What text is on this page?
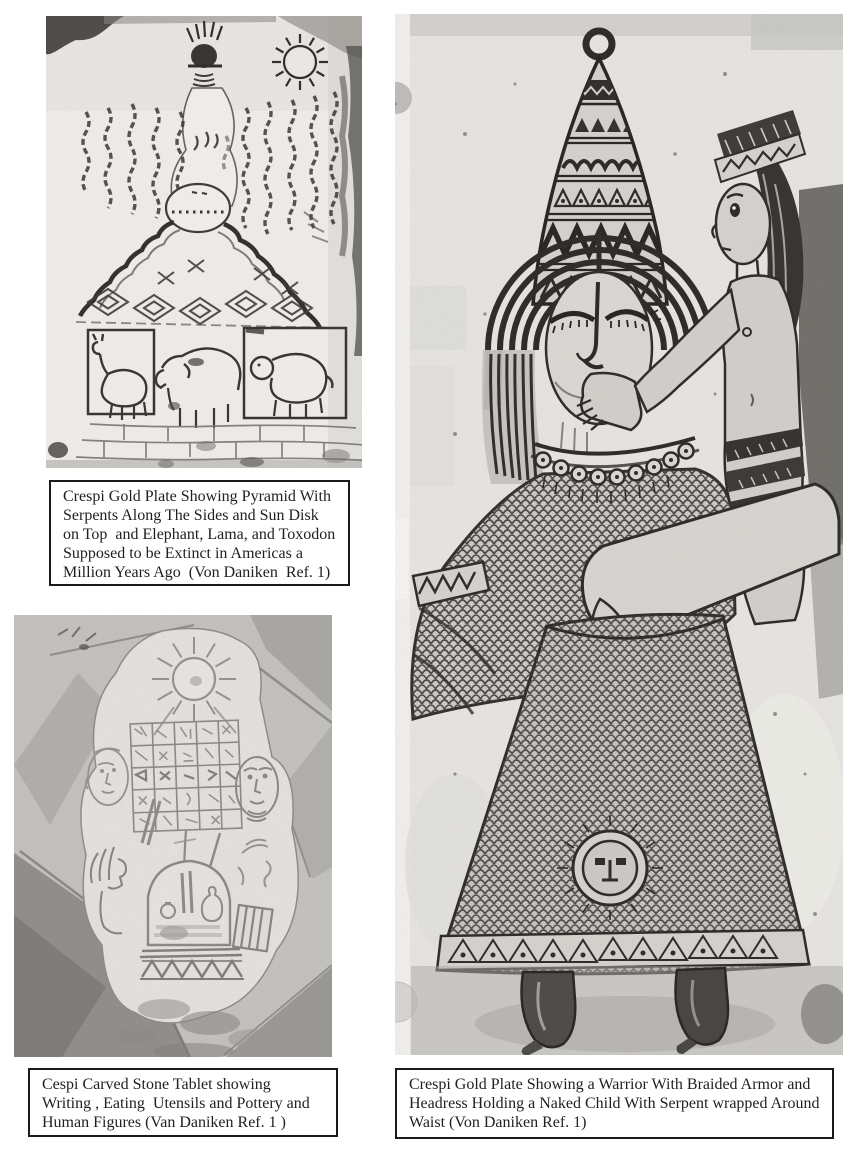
Crespi Gold Plate Showing Pyramid With
Serpents Along The Sides and Sun Disk
on Top  and Elephant, Lama, and Toxodon
Supposed to be Extinct in Americas a
Million Years Ago  (Von Daniken  Ref. 1)
Cespi Carved Stone Tablet showing
Writing , Eating  Utensils and Pottery and
Human Figures (Van Daniken Ref. 1 )
Crespi Gold Plate Showing a Warrior With Braided Armor and
Headress Holding a Naked Child With Serpent wrapped Around
Waist (Von Daniken Ref. 1)
